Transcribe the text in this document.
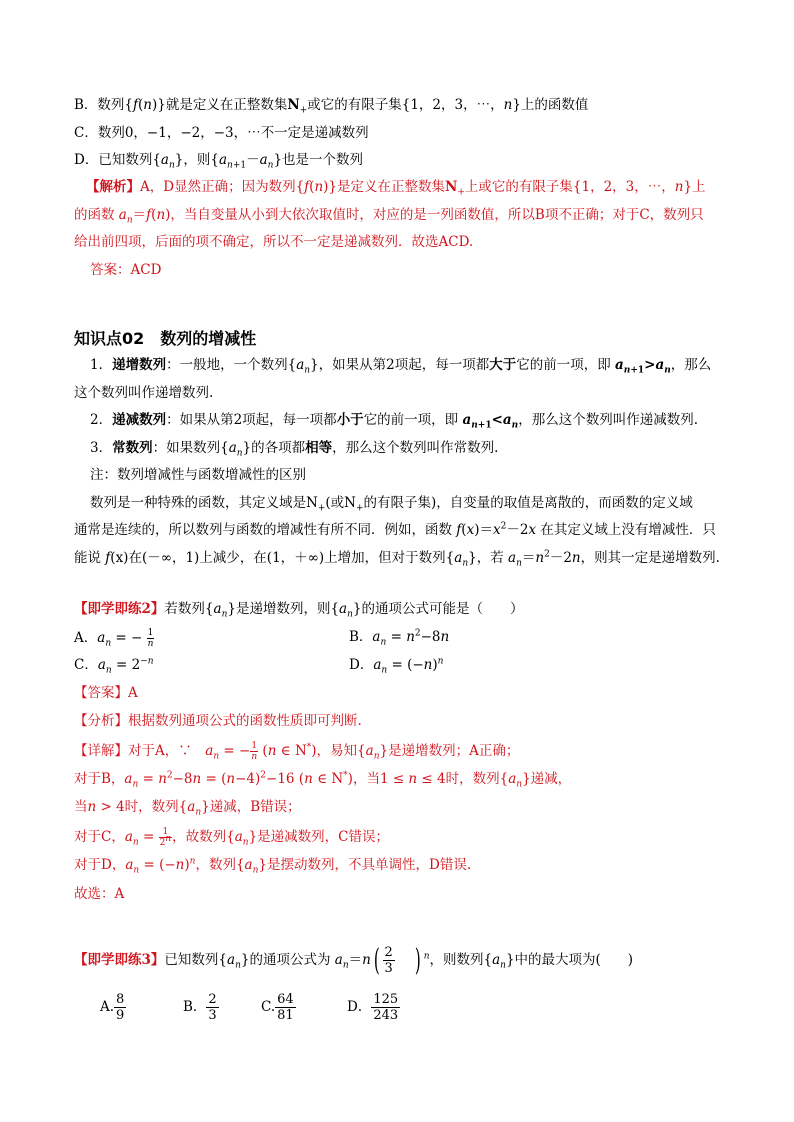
B．数列{f(n)}就是定义在正整数集$N_+$或它的有限子集{1，2，3，⋯，n}上的函数值
C．数列0，−1，−2，−3，⋯不一定是递减数列
D．已知数列$\{a_n\}$，则$\{a_{n+1}-a_n\}$也是一个数列
【解析】A，D显然正确；因为数列{f(n)}是定义在正整数集$N_+$上或它的有限子集{1，2，3，⋯，n}上
的函数 $a_n=f(n)$，当自变量从小到大依次取值时，对应的是一列函数值，所以B项不正确；对于C，数列只
给出前四项，后面的项不确定，所以不一定是递减数列．故选ACD.
答案：ACD
知识点02　数列的增减性
1．递增数列：一般地，一个数列$\{a_n\}$，如果从第2项起，每一项都大于它的前一项，即 $a_{n+1}>a_n$，那么
这个数列叫作递增数列.
2．递减数列：如果从第2项起，每一项都小于它的前一项，即 $a_{n+1}<a_n$，那么这个数列叫作递减数列.
3．常数列：如果数列$\{a_n\}$的各项都相等，那么这个数列叫作常数列.
注：数列增减性与函数增减性的区别
数列是一种特殊的函数，其定义域是$N_+$(或$N_+$的有限子集)，自变量的取值是离散的，而函数的定义域
通常是连续的，所以数列与函数的增减性有所不同．例如，函数 $f(x)=x^2-2x$ 在其定义域上没有增减性．只
能说 f(x)在(－∞，1)上减少，在(1，＋∞)上增加，但对于数列$\{a_n\}$，若 $a_n=n^2-2n$，则其一定是递增数列.
【即学即练2】若数列$\{a_n\}$是递增数列，则$\{a_n\}$的通项公式可能是（　　）
A．$a_n$ = − $\frac{1}{n}$	B．$a_n = n^2-8n$
C．$a_n = 2^{-n}$	D．$a_n = (-n)^n$
【答案】A
【分析】根据数列通项公式的函数性质即可判断.
【详解】对于A，∵　$a_n$ = − $\frac{1}{n} (n$ ∈ N*)，易知$\{a_n\}$是递增数列；A正确；
对于B，$a_n = n^2-8n = (n-4)^2-16$ (n ∈ N*)，当1 ≤ n ≤ 4时，数列$\{a_n\}$递减，
当n > 4时，数列$\{a_n\}$递减，B错误；
对于C，$a_n = \frac{1}{2^n}$ ，故数列$\{a_n\}$是递减数列，C错误；
对于D，$a_n = (-n)^n$，数列$\{a_n\}$是摆动数列，不具单调性，D错误.
故选：A
【即学即练3】已知数列$\{a_n\}$的通项公式为 $a_n=n( \frac{2}{3}$ ) $^n$，则数列$\{a_n\}$中的最大项为(　　)
A. $\frac{8}{9}$	B． $\frac{2}{3}$	C. $\frac{64}{81}$	D． $\frac{125}{243}$
